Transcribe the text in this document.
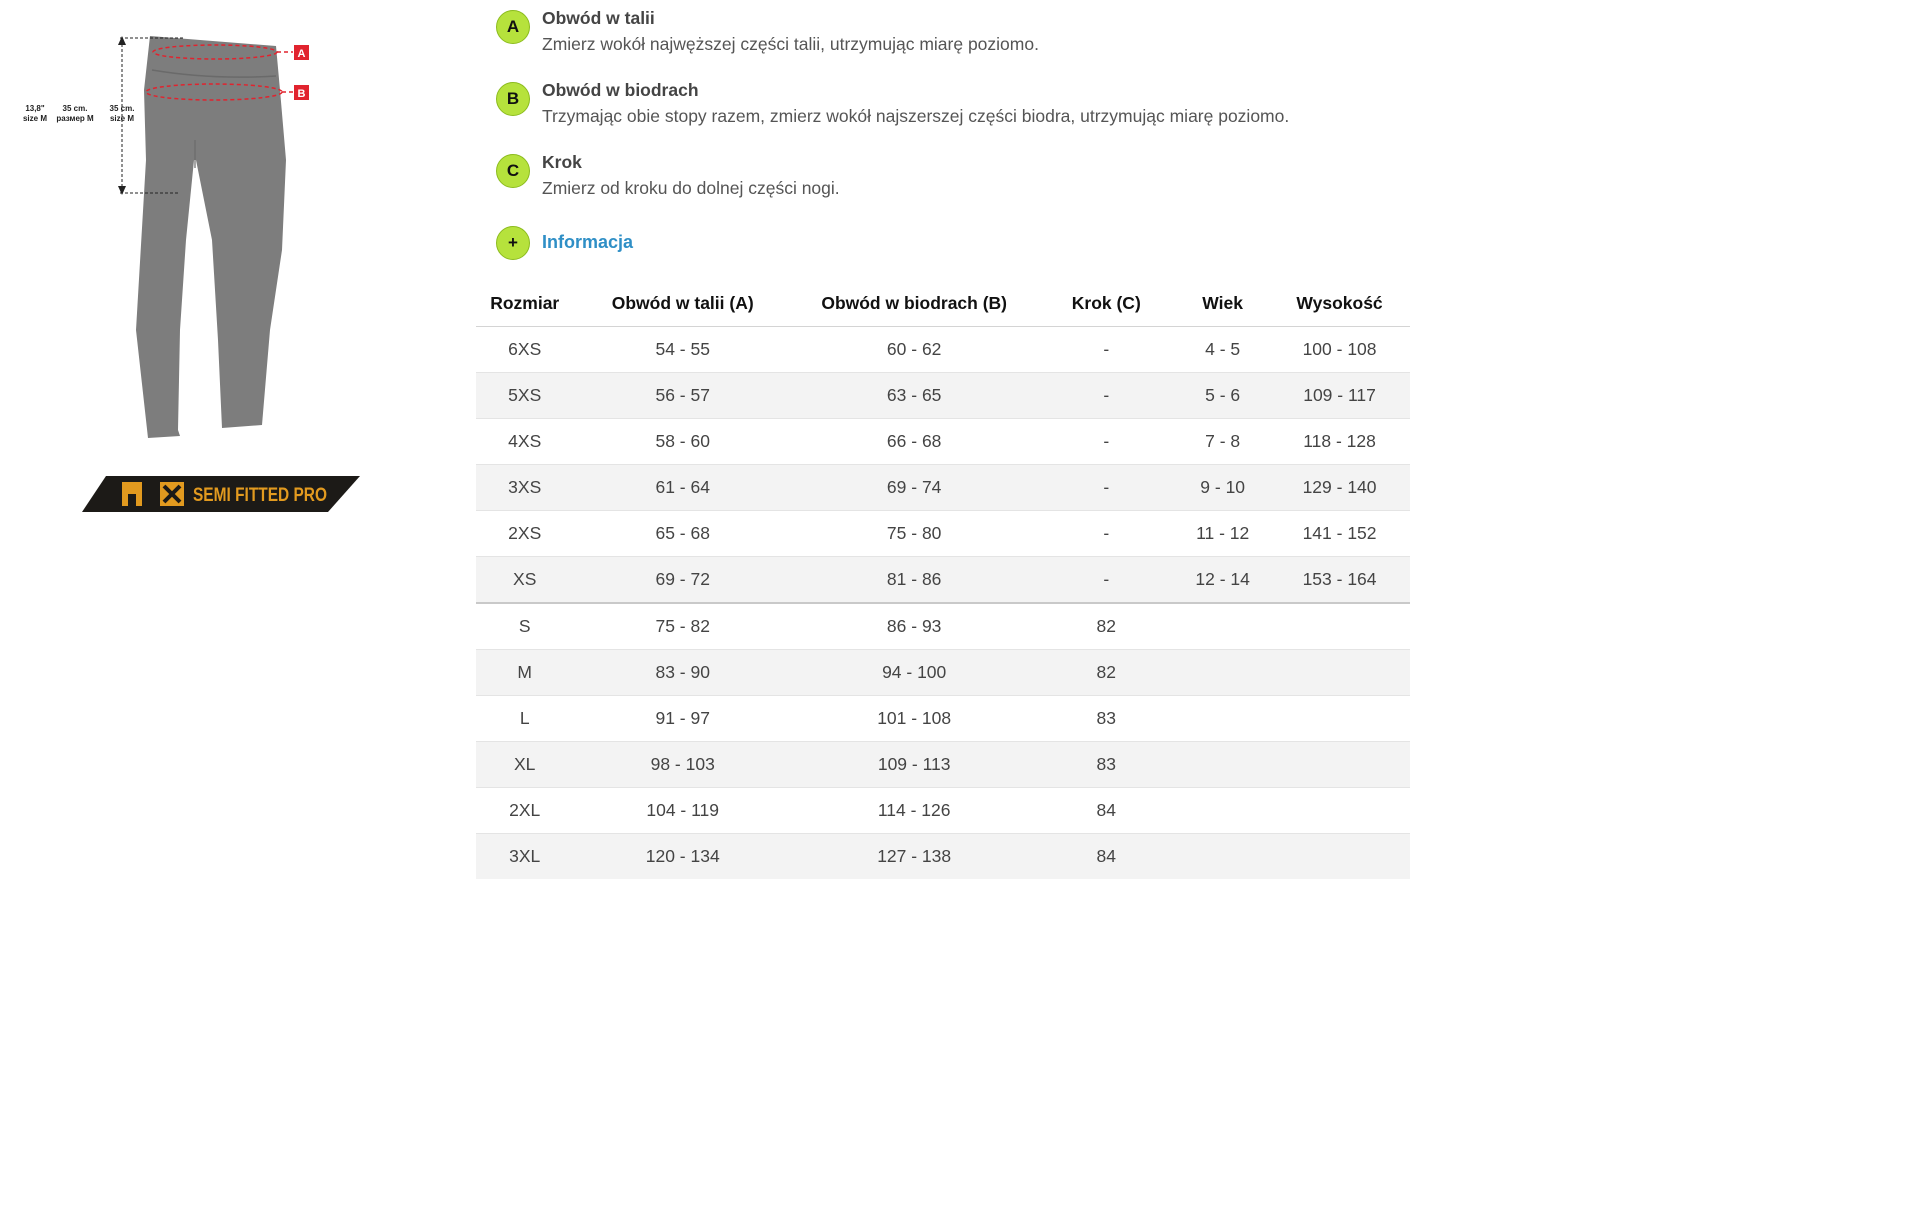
A
B
13,8"
size M
35 cm.
размер M
35 cm.
size M
SEMI FITTED PRO
A	Obwód w talii
Zmierz wokół najwęższej części talii, utrzymując miarę poziomo.
B	Obwód w biodrach
Trzymając obie stopy razem, zmierz wokół najszerszej części biodra, utrzymując miarę poziomo.
C	Krok
Zmierz od kroku do dolnej części nogi.
+	Informacja
Rozmiar	Obwód w talii (A)	Obwód w biodrach (B)	Krok (C)	Wiek	Wysokość
6XS	54 - 55	60 - 62	-	4 - 5	100 - 108
5XS	56 - 57	63 - 65	-	5 - 6	109 - 117
4XS	58 - 60	66 - 68	-	7 - 8	118 - 128
3XS	61 - 64	69 - 74	-	9 - 10	129 - 140
2XS	65 - 68	75 - 80	-	11 - 12	141 - 152
XS	69 - 72	81 - 86	-	12 - 14	153 - 164
S	75 - 82	86 - 93	82		
M	83 - 90	94 - 100	82		
L	91 - 97	101 - 108	83		
XL	98 - 103	109 - 113	83		
2XL	104 - 119	114 - 126	84		
3XL	120 - 134	127 - 138	84		
